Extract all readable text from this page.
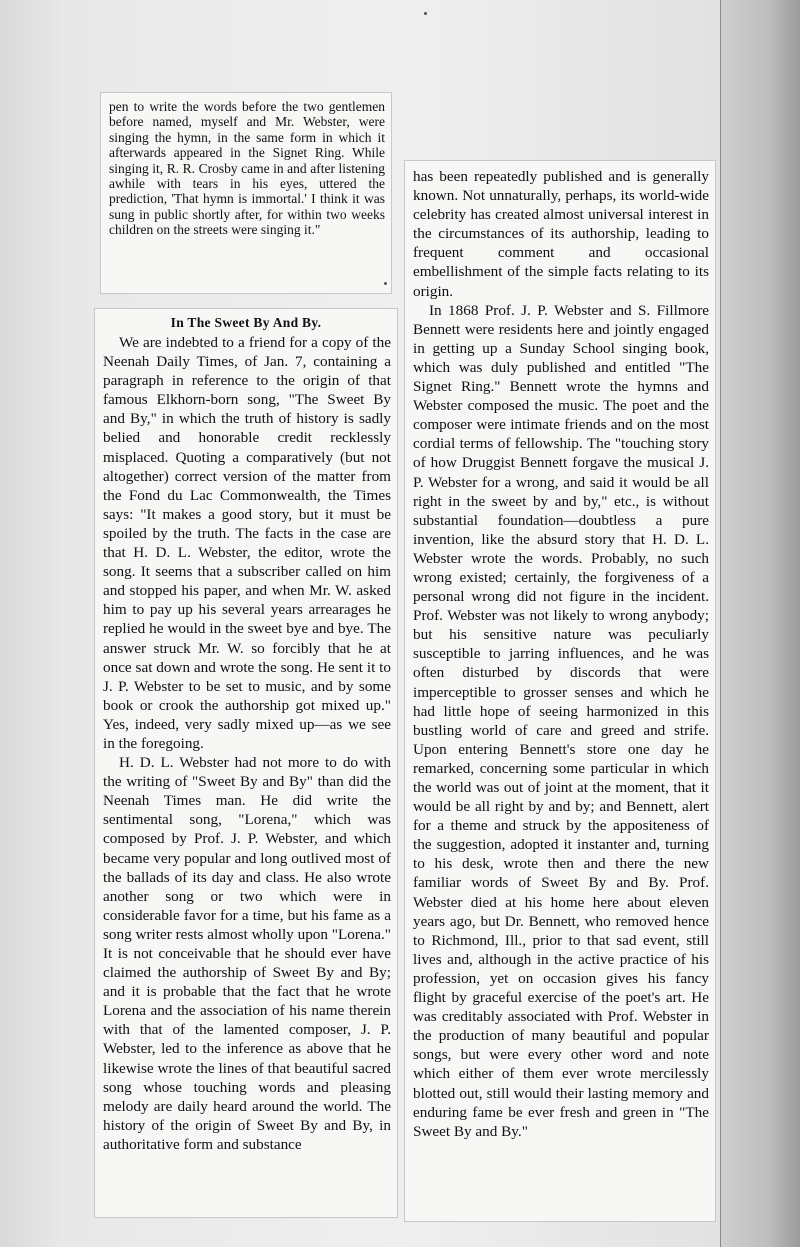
pen to write the words before the two gentlemen before named, myself and Mr. Webster, were singing the hymn, in the same form in which it afterwards appeared in the Signet Ring. While singing it, R. R. Crosby came in and after listening awhile with tears in his eyes, uttered the prediction, 'That hymn is immortal.' I think it was sung in public shortly after, for within two weeks children on the streets were singing it."

In The Sweet By And By.

We are indebted to a friend for a copy of the Neenah Daily Times, of Jan. 7, containing a paragraph in reference to the origin of that famous Elkhorn-born song, "The Sweet By and By," in which the truth of history is sadly belied and honorable credit recklessly misplaced. Quoting a comparatively (but not altogether) correct version of the matter from the Fond du Lac Commonwealth, the Times says: "It makes a good story, but it must be spoiled by the truth. The facts in the case are that H. D. L. Webster, the editor, wrote the song. It seems that a subscriber called on him and stopped his paper, and when Mr. W. asked him to pay up his several years arrearages he replied he would in the sweet bye and bye. The answer struck Mr. W. so forcibly that he at once sat down and wrote the song. He sent it to J. P. Webster to be set to music, and by some book or crook the authorship got mixed up." Yes, indeed, very sadly mixed up—as we see in the foregoing.

H. D. L. Webster had not more to do with the writing of "Sweet By and By" than did the Neenah Times man. He did write the sentimental song, "Lorena," which was composed by Prof. J. P. Webster, and which became very popular and long outlived most of the ballads of its day and class. He also wrote another song or two which were in considerable favor for a time, but his fame as a song writer rests almost wholly upon "Lorena." It is not conceivable that he should ever have claimed the authorship of Sweet By and By; and it is probable that the fact that he wrote Lorena and the association of his name therein with that of the lamented composer, J. P. Webster, led to the inference as above that he likewise wrote the lines of that beautiful sacred song whose touching words and pleasing melody are daily heard around the world. The history of the origin of Sweet By and By, in authoritative form and substance

has been repeatedly published and is generally known. Not unnaturally, perhaps, its world-wide celebrity has created almost universal interest in the circumstances of its authorship, leading to frequent comment and occasional embellishment of the simple facts relating to its origin.

In 1868 Prof. J. P. Webster and S. Fillmore Bennett were residents here and jointly engaged in getting up a Sunday School singing book, which was duly published and entitled "The Signet Ring." Bennett wrote the hymns and Webster composed the music. The poet and the composer were intimate friends and on the most cordial terms of fellowship. The "touching story of how Druggist Bennett forgave the musical J. P. Webster for a wrong, and said it would be all right in the sweet by and by," etc., is without substantial foundation—doubtless a pure invention, like the absurd story that H. D. L. Webster wrote the words. Probably, no such wrong existed; certainly, the forgiveness of a personal wrong did not figure in the incident. Prof. Webster was not likely to wrong anybody; but his sensitive nature was peculiarly susceptible to jarring influences, and he was often disturbed by discords that were imperceptible to grosser senses and which he had little hope of seeing harmonized in this bustling world of care and greed and strife. Upon entering Bennett's store one day he remarked, concerning some particular in which the world was out of joint at the moment, that it would be all right by and by; and Bennett, alert for a theme and struck by the appositeness of the suggestion, adopted it instanter and, turning to his desk, wrote then and there the new familiar words of Sweet By and By. Prof. Webster died at his home here about eleven years ago, but Dr. Bennett, who removed hence to Richmond, Ill., prior to that sad event, still lives and, although in the active practice of his profession, yet on occasion gives his fancy flight by graceful exercise of the poet's art. He was creditably associated with Prof. Webster in the production of many beautiful and popular songs, but were every other word and note which either of them ever wrote mercilessly blotted out, still would their lasting memory and enduring fame be ever fresh and green in "The Sweet By and By."
